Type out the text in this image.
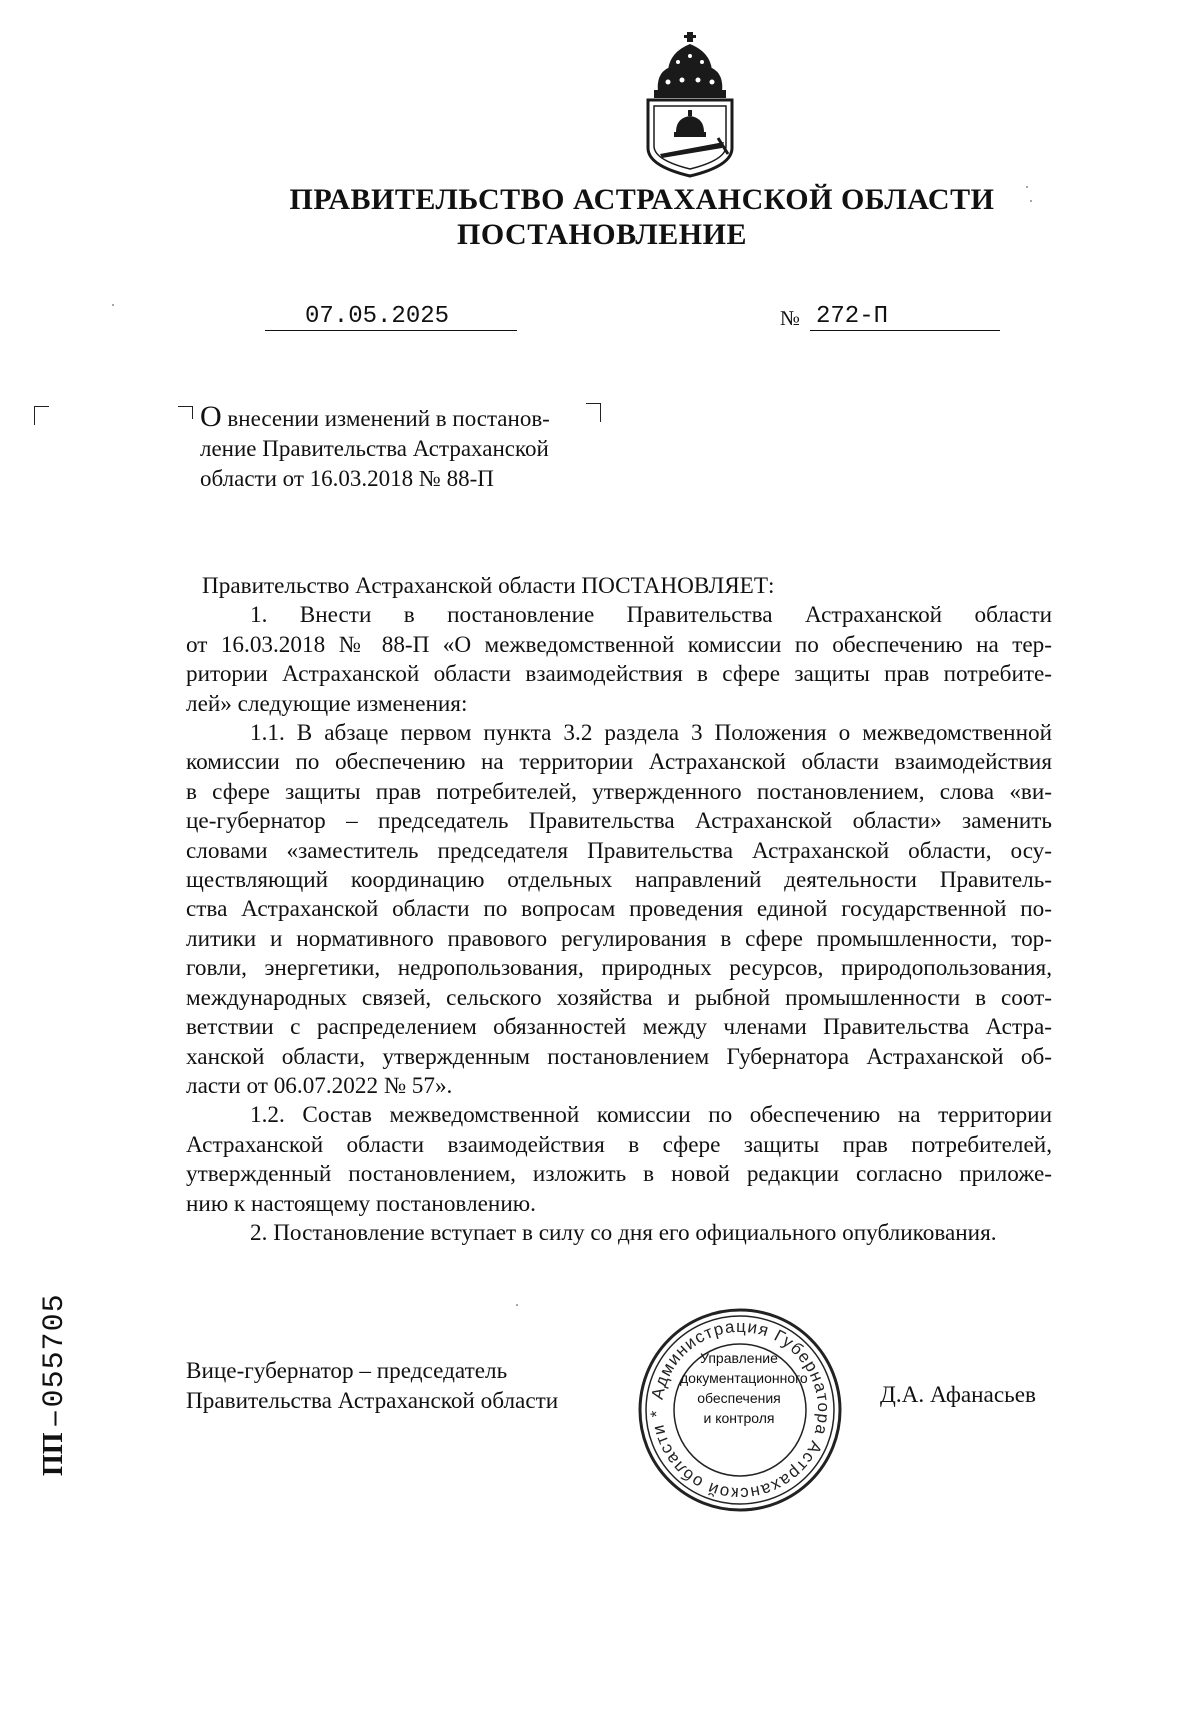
ПРАВИТЕЛЬСТВО АСТРАХАНСКОЙ ОБЛАСТИ
ПОСТАНОВЛЕНИЕ
07.05.2025	№ 272-П
О внесении изменений в постанов-
ление Правительства Астраханской
области от 16.03.2018 № 88-П
Правительство Астраханской области ПОСТАНОВЛЯЕТ:
1. Внести в постановление Правительства Астраханской области
от 16.03.2018 № 88-П «О межведомственной комиссии по обеспечению на тер-
ритории Астраханской области взаимодействия в сфере защиты прав потребите-
лей» следующие изменения:
1.1. В абзаце первом пункта 3.2 раздела 3 Положения о межведомственной
комиссии по обеспечению на территории Астраханской области взаимодействия
в сфере защиты прав потребителей, утвержденного постановлением, слова «ви-
це-губернатор – председатель Правительства Астраханской области» заменить
словами «заместитель председателя Правительства Астраханской области, осу-
ществляющий координацию отдельных направлений деятельности Правитель-
ства Астраханской области по вопросам проведения единой государственной по-
литики и нормативного правового регулирования в сфере промышленности, тор-
говли, энергетики, недропользования, природных ресурсов, природопользования,
международных связей, сельского хозяйства и рыбной промышленности в соот-
ветствии с распределением обязанностей между членами Правительства Астра-
ханской области, утвержденным постановлением Губернатора Астраханской об-
ласти от 06.07.2022 № 57».
1.2. Состав межведомственной комиссии по обеспечению на территории
Астраханской области взаимодействия в сфере защиты прав потребителей,
утвержденный постановлением, изложить в новой редакции согласно приложе-
нию к настоящему постановлению.
2. Постановление вступает в силу со дня его официального опубликования.
Администрация Губернатора Астраханской области *
Управление
документационного
обеспечения
и контроля
Вице-губернатор – председатель
Правительства Астраханской области	Д.А. Афанасьев
ПП – 055705
